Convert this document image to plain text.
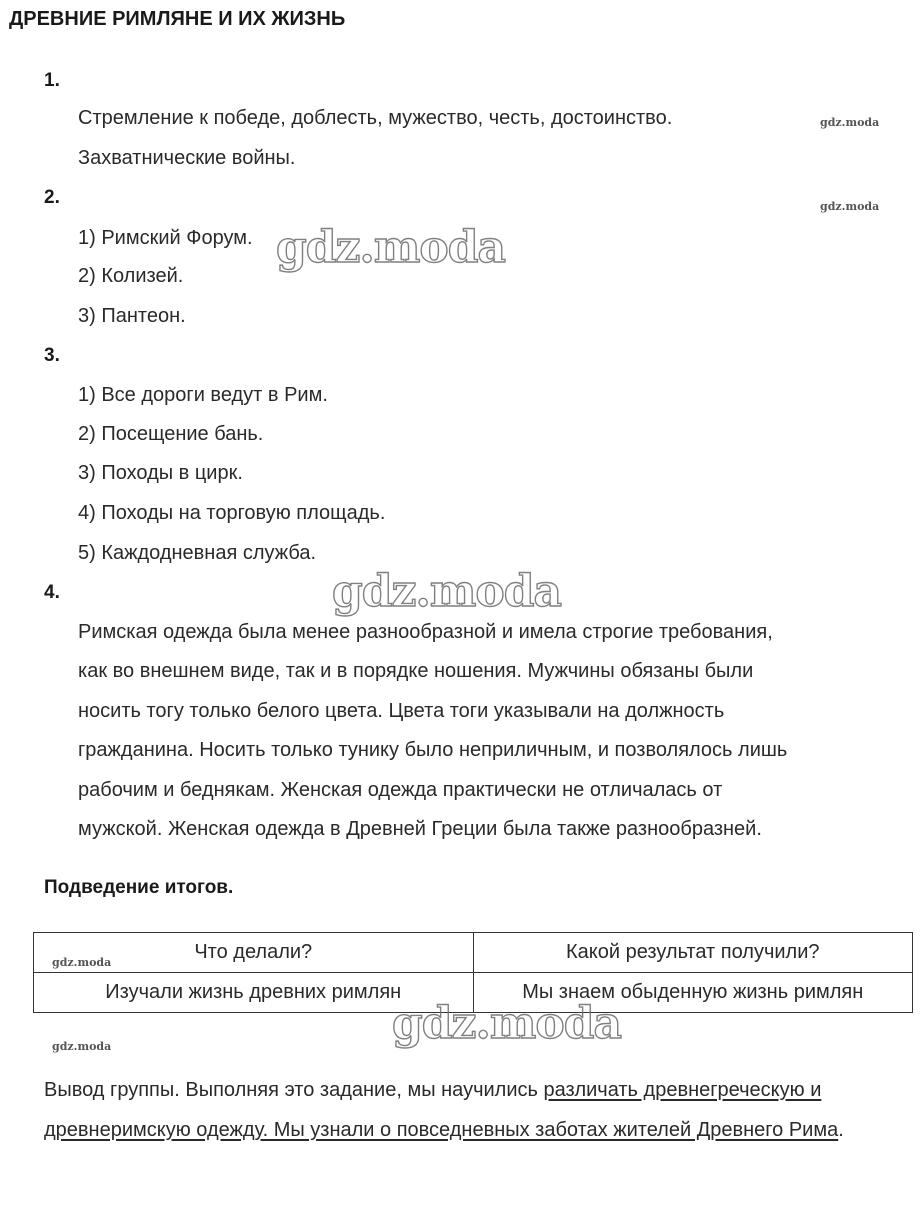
ДРЕВНИЕ РИМЛЯНЕ И ИХ ЖИЗНЬ
1.
Стремление к победе, доблесть, мужество, честь, достоинство.
Захватнические войны.
2.
1) Римский Форум.
2) Колизей.
3) Пантеон.
3.
1) Все дороги ведут в Рим.
2) Посещение бань.
3) Походы в цирк.
4) Походы на торговую площадь.
5) Каждодневная служба.
4.
Римская одежда была менее разнообразной и имела строгие требования,
как во внешнем виде, так и в порядке ношения. Мужчины обязаны были
носить тогу только белого цвета. Цвета тоги указывали на должность
гражданина. Носить только тунику было неприличным, и позволялось лишь
рабочим и беднякам. Женская одежда практически не отличалась от
мужской. Женская одежда в Древней Греции была также разнообразней.
Подведение итогов.
Что делали?	Какой результат получили?
Изучали жизнь древних римлян	Мы знаем обыденную жизнь римлян
Вывод группы. Выполняя это задание, мы научились различать древнегреческую и древнеримскую одежду. Мы узнали о повседневных заботах жителей Древнего Рима.
gdz.moda
gdz.moda
gdz.moda
gdz.moda
gdz.moda
gdz.moda
gdz.moda
